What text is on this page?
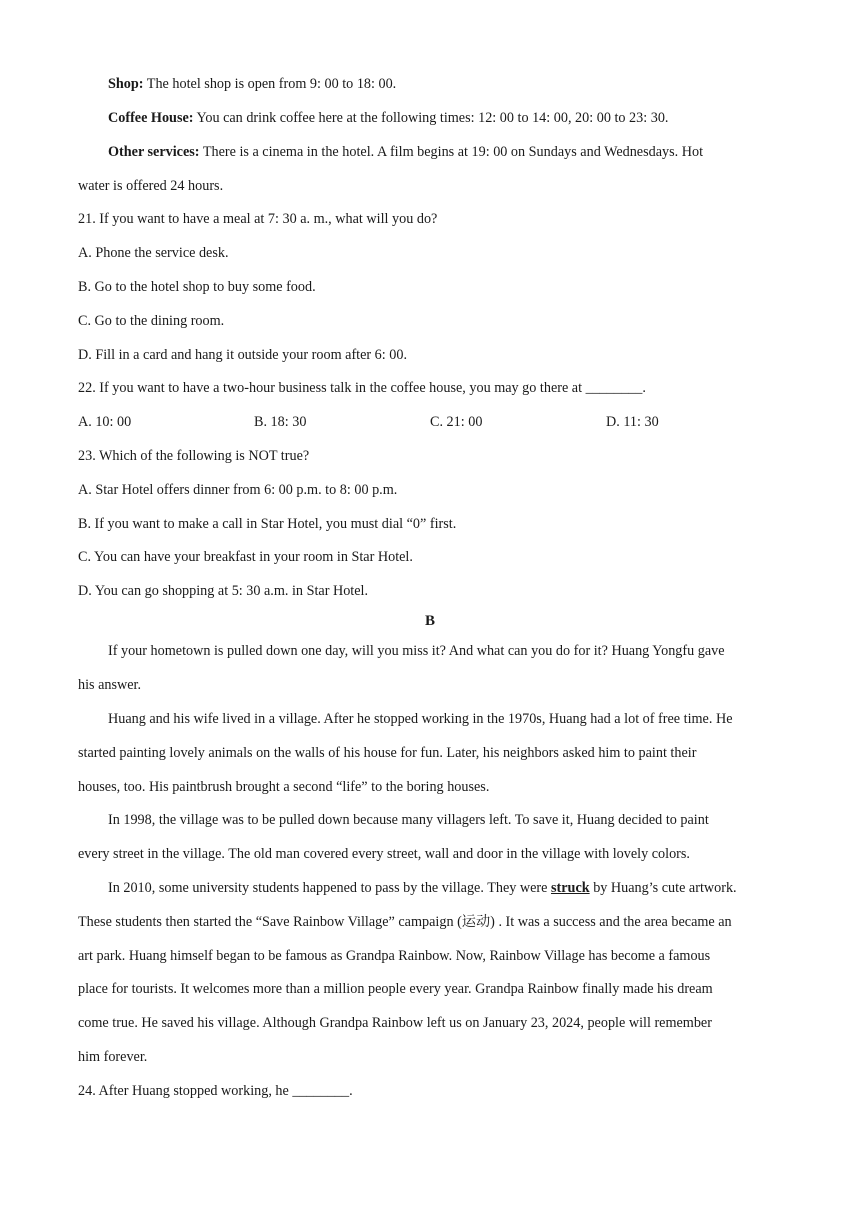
Shop: The hotel shop is open from 9: 00 to 18: 00.
Coffee House: You can drink coffee here at the following times: 12: 00 to 14: 00, 20: 00 to 23: 30.
Other services: There is a cinema in the hotel. A film begins at 19: 00 on Sundays and Wednesdays. Hot
water is offered 24 hours.
21. If you want to have a meal at 7: 30 a. m., what will you do?
A. Phone the service desk.
B. Go to the hotel shop to buy some food.
C. Go to the dining room.
D. Fill in a card and hang it outside your room after 6: 00.
22. If you want to have a two-hour business talk in the coffee house, you may go there at ________.
A. 10: 00	B. 18: 30	C. 21: 00	D. 11: 30
23. Which of the following is NOT true?
A. Star Hotel offers dinner from 6: 00 p.m. to 8: 00 p.m.
B. If you want to make a call in Star Hotel, you must dial “0” first.
C. You can have your breakfast in your room in Star Hotel.
D. You can go shopping at 5: 30 a.m. in Star Hotel.
B
If your hometown is pulled down one day, will you miss it? And what can you do for it? Huang Yongfu gave
his answer.
Huang and his wife lived in a village. After he stopped working in the 1970s, Huang had a lot of free time. He
started painting lovely animals on the walls of his house for fun. Later, his neighbors asked him to paint their
houses, too. His paintbrush brought a second “life” to the boring houses.
In 1998, the village was to be pulled down because many villagers left. To save it, Huang decided to paint
every street in the village. The old man covered every street, wall and door in the village with lovely colors.
In 2010, some university students happened to pass by the village. They were struck by Huang’s cute artwork.
These students then started the “Save Rainbow Village” campaign (运动) . It was a success and the area became an
art park. Huang himself began to be famous as Grandpa Rainbow. Now, Rainbow Village has become a famous
place for tourists. It welcomes more than a million people every year. Grandpa Rainbow finally made his dream
come true. He saved his village. Although Grandpa Rainbow left us on January 23, 2024, people will remember
him forever.
24. After Huang stopped working, he ________.
